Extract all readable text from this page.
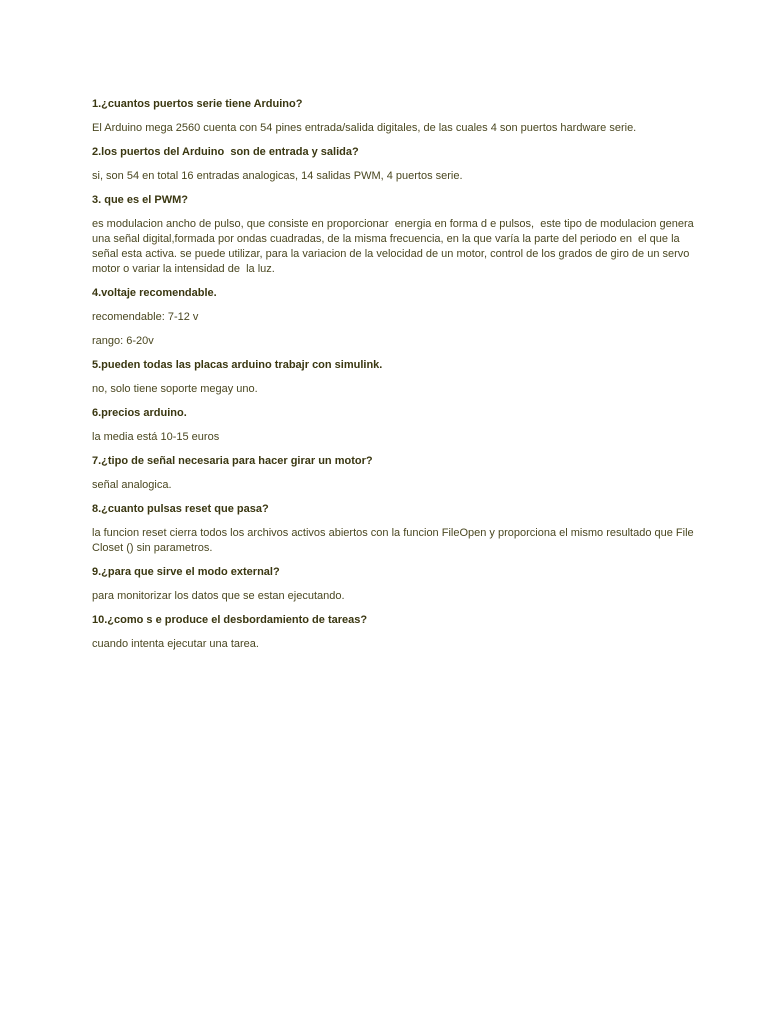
1.¿cuantos puertos serie tiene Arduino?
El Arduino mega 2560 cuenta con 54 pines entrada/salida digitales, de las cuales 4 son puertos hardware serie.
2.los puertos del Arduino  son de entrada y salida?
si, son 54 en total 16 entradas analogicas, 14 salidas PWM, 4 puertos serie.
3. que es el PWM?
es modulacion ancho de pulso, que consiste en proporcionar  energia en forma d e pulsos,  este tipo de modulacion genera una señal digital,formada por ondas cuadradas, de la misma frecuencia, en la que varía la parte del periodo en  el que la señal esta activa. se puede utilizar, para la variacion de la velocidad de un motor, control de los grados de giro de un servo motor o variar la intensidad de  la luz.
4.voltaje recomendable.
recomendable: 7-12 v
rango: 6-20v
5.pueden todas las placas arduino trabajr con simulink.
no, solo tiene soporte megay uno.
6.precios arduino.
la media está 10-15 euros
7.¿tipo de señal necesaria para hacer girar un motor?
señal analogica.
8.¿cuanto pulsas reset que pasa?
la funcion reset cierra todos los archivos activos abiertos con la funcion FileOpen y proporciona el mismo resultado que File Closet () sin parametros.
9.¿para que sirve el modo external?
para monitorizar los datos que se estan ejecutando.
10.¿como s e produce el desbordamiento de tareas?
cuando intenta ejecutar una tarea.
